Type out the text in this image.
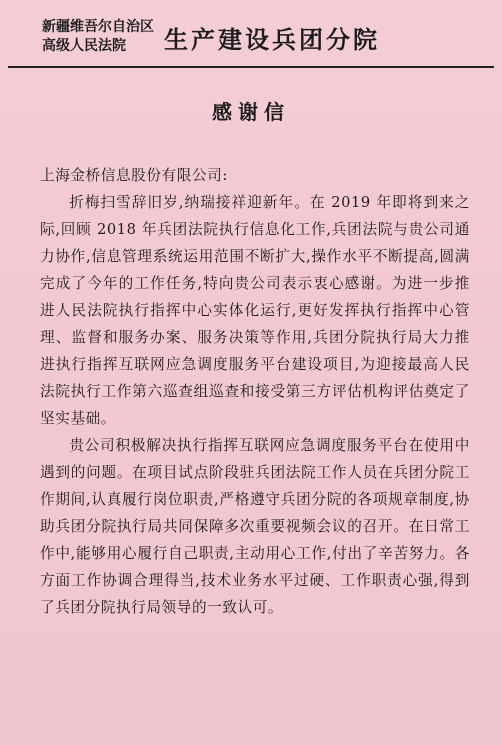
新疆维吾尔自治区
高级人民法院	生产建设兵团分院
感谢信

上海金桥信息股份有限公司:

折梅扫雪辞旧岁,纳瑞接祥迎新年。在 2019 年即将到来之际,回顾 2018 年兵团法院执行信息化工作,兵团法院与贵公司通力协作,信息管理系统运用范围不断扩大,操作水平不断提高,圆满完成了今年的工作任务,特向贵公司表示衷心感谢。为进一步推进人民法院执行指挥中心实体化运行,更好发挥执行指挥中心管理、监督和服务办案、服务决策等作用,兵团分院执行局大力推进执行指挥互联网应急调度服务平台建设项目,为迎接最高人民法院执行工作第六巡查组巡查和接受第三方评估机构评估奠定了坚实基础。

贵公司积极解决执行指挥互联网应急调度服务平台在使用中遇到的问题。在项目试点阶段驻兵团法院工作人员在兵团分院工作期间,认真履行岗位职责,严格遵守兵团分院的各项规章制度,协助兵团分院执行局共同保障多次重要视频会议的召开。在日常工作中,能够用心履行自己职责,主动用心工作,付出了辛苦努力。各方面工作协调合理得当,技术业务水平过硬、工作职责心强,得到了兵团分院执行局领导的一致认可。
